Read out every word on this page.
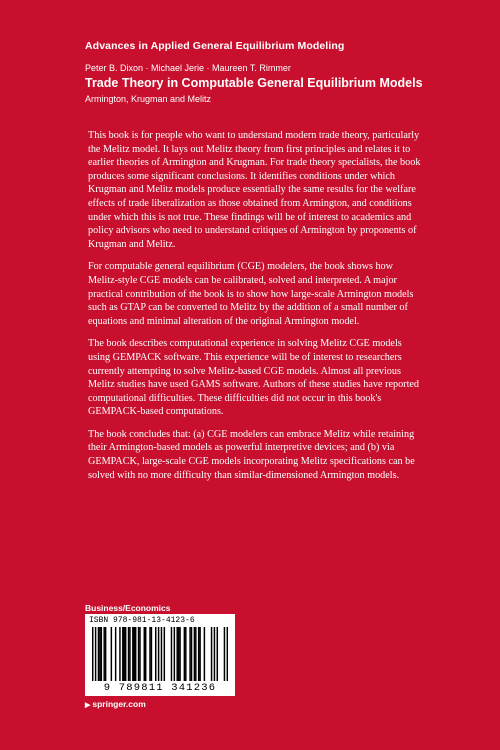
Advances in Applied General Equilibrium Modeling
Peter B. Dixon · Michael Jerie · Maureen T. Rimmer
Trade Theory in Computable General Equilibrium Models
Armington, Krugman and Melitz

This book is for people who want to understand modern trade theory, particularly the Melitz model. It lays out Melitz theory from first principles and relates it to earlier theories of Armington and Krugman. For trade theory specialists, the book produces some significant conclusions. It identifies conditions under which Krugman and Melitz models produce essentially the same results for the welfare effects of trade liberalization as those obtained from Armington, and conditions under which this is not true. These findings will be of interest to academics and policy advisors who need to understand critiques of Armington by proponents of Krugman and Melitz.

For computable general equilibrium (CGE) modelers, the book shows how Melitz-style CGE models can be calibrated, solved and interpreted. A major practical contribution of the book is to show how large-scale Armington models such as GTAP can be converted to Melitz by the addition of a small number of equations and minimal alteration of the original Armington model.

The book describes computational experience in solving Melitz CGE models using GEMPACK software. This experience will be of interest to researchers currently attempting to solve Melitz-based CGE models. Almost all previous Melitz studies have used GAMS software. Authors of these studies have reported computational difficulties. These difficulties did not occur in this book's GEMPACK-based computations.

The book concludes that: (a) CGE modelers can embrace Melitz while retaining their Armington-based models as powerful interpretive devices; and (b) via GEMPACK, large-scale CGE models incorporating Melitz specifications can be solved with no more difficulty than similar-dimensioned Armington models.

Business/Economics
ISBN 978-981-13-4123-6
9 789811 341236
▶ springer.com
